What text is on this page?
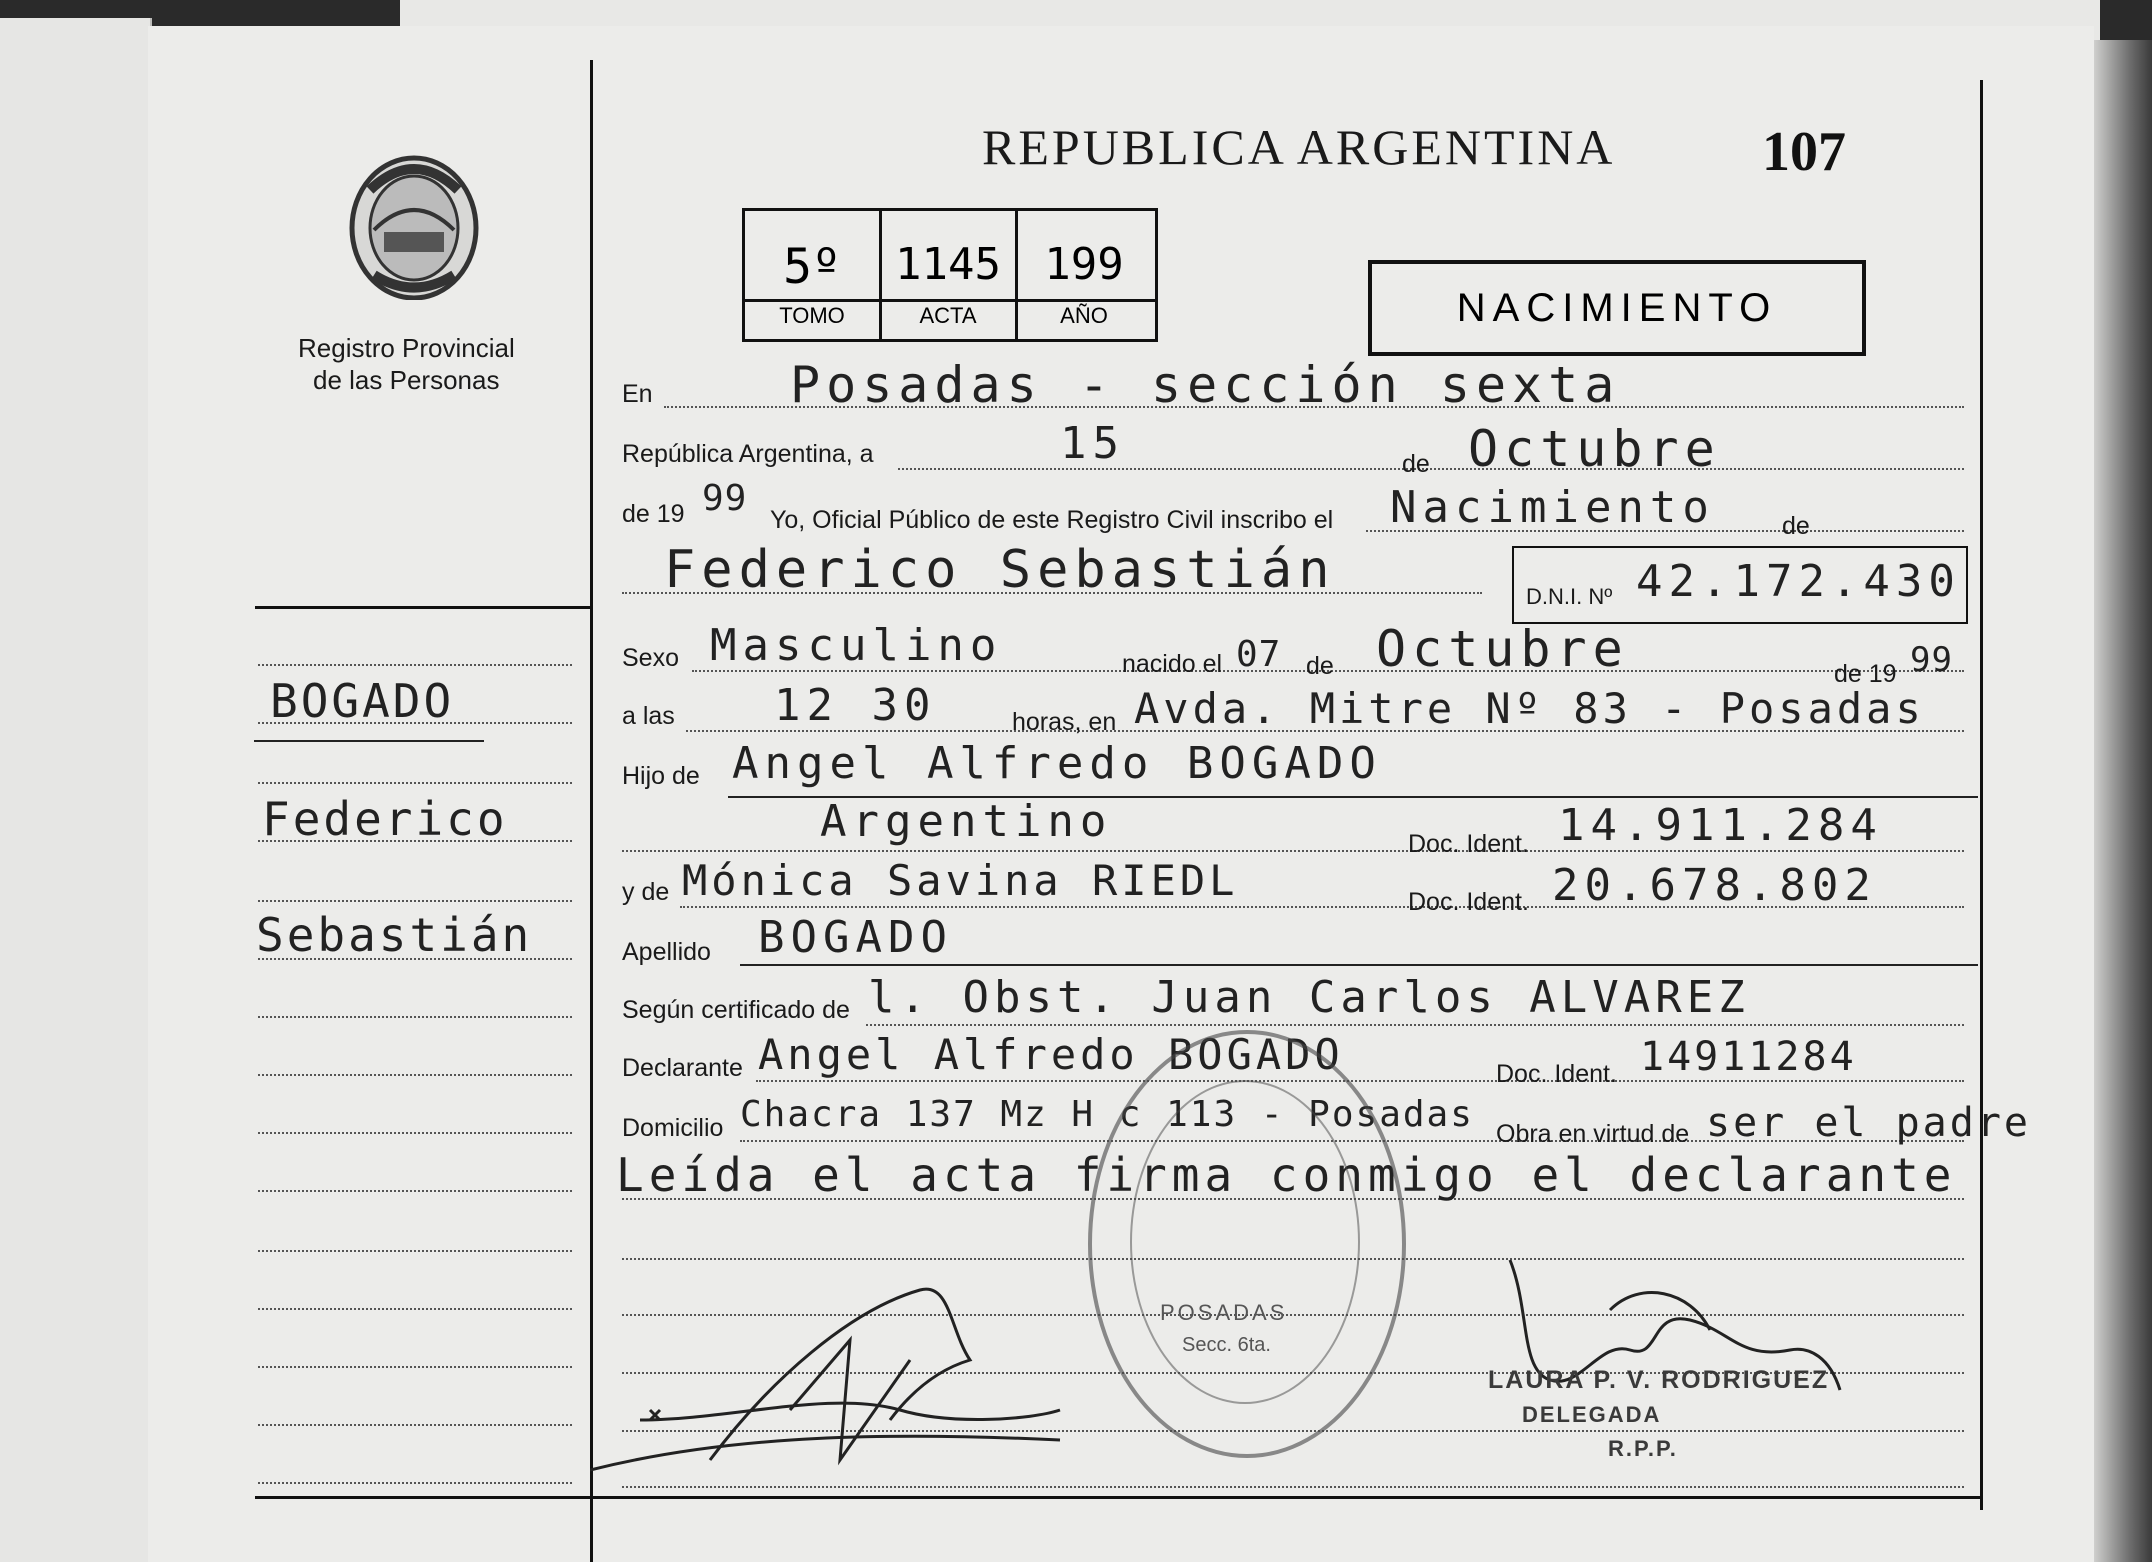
Registro Provincial
de las Personas
REPUBLICA ARGENTINA	107
5º	1145 199
TOMO	ACTA	AÑO	NACIMIENTO
En	Posadas - sección sexta
República Argentina, a	15	de Octubre
de 19 99
Yo, Oficial Público de este Registro Civil inscribo el Nacimiento	de
Federico Sebastián	D.N.I. Nº 42.172.430
Sexo Masculino	nacido el 07 de Octubre	de 19 99
a las 12 30	horas, en Avda. Mitre Nº 83 - Posadas
Hijo de Angel Alfredo BOGADO
Argentino	Doc. Ident. 14.911.284
y de Mónica Savina RIEDL	Doc. Ident. 20.678.802
Apellido BOGADO
Según certificado de l. Obst. Juan Carlos ALVAREZ
Declarante Angel Alfredo BOGADO	Doc. Ident. 14911284
Domicilio Chacra 137 Mz H c 113 - Posadas Obra en virtud de ser el padre
Leída el acta firma conmigo el declarante
BOGADO
Federico
Sebastián
POSADAS
Secc. 6ta.
LAURA P. V. RODRIGUEZ
DELEGADA
R.P.P.
